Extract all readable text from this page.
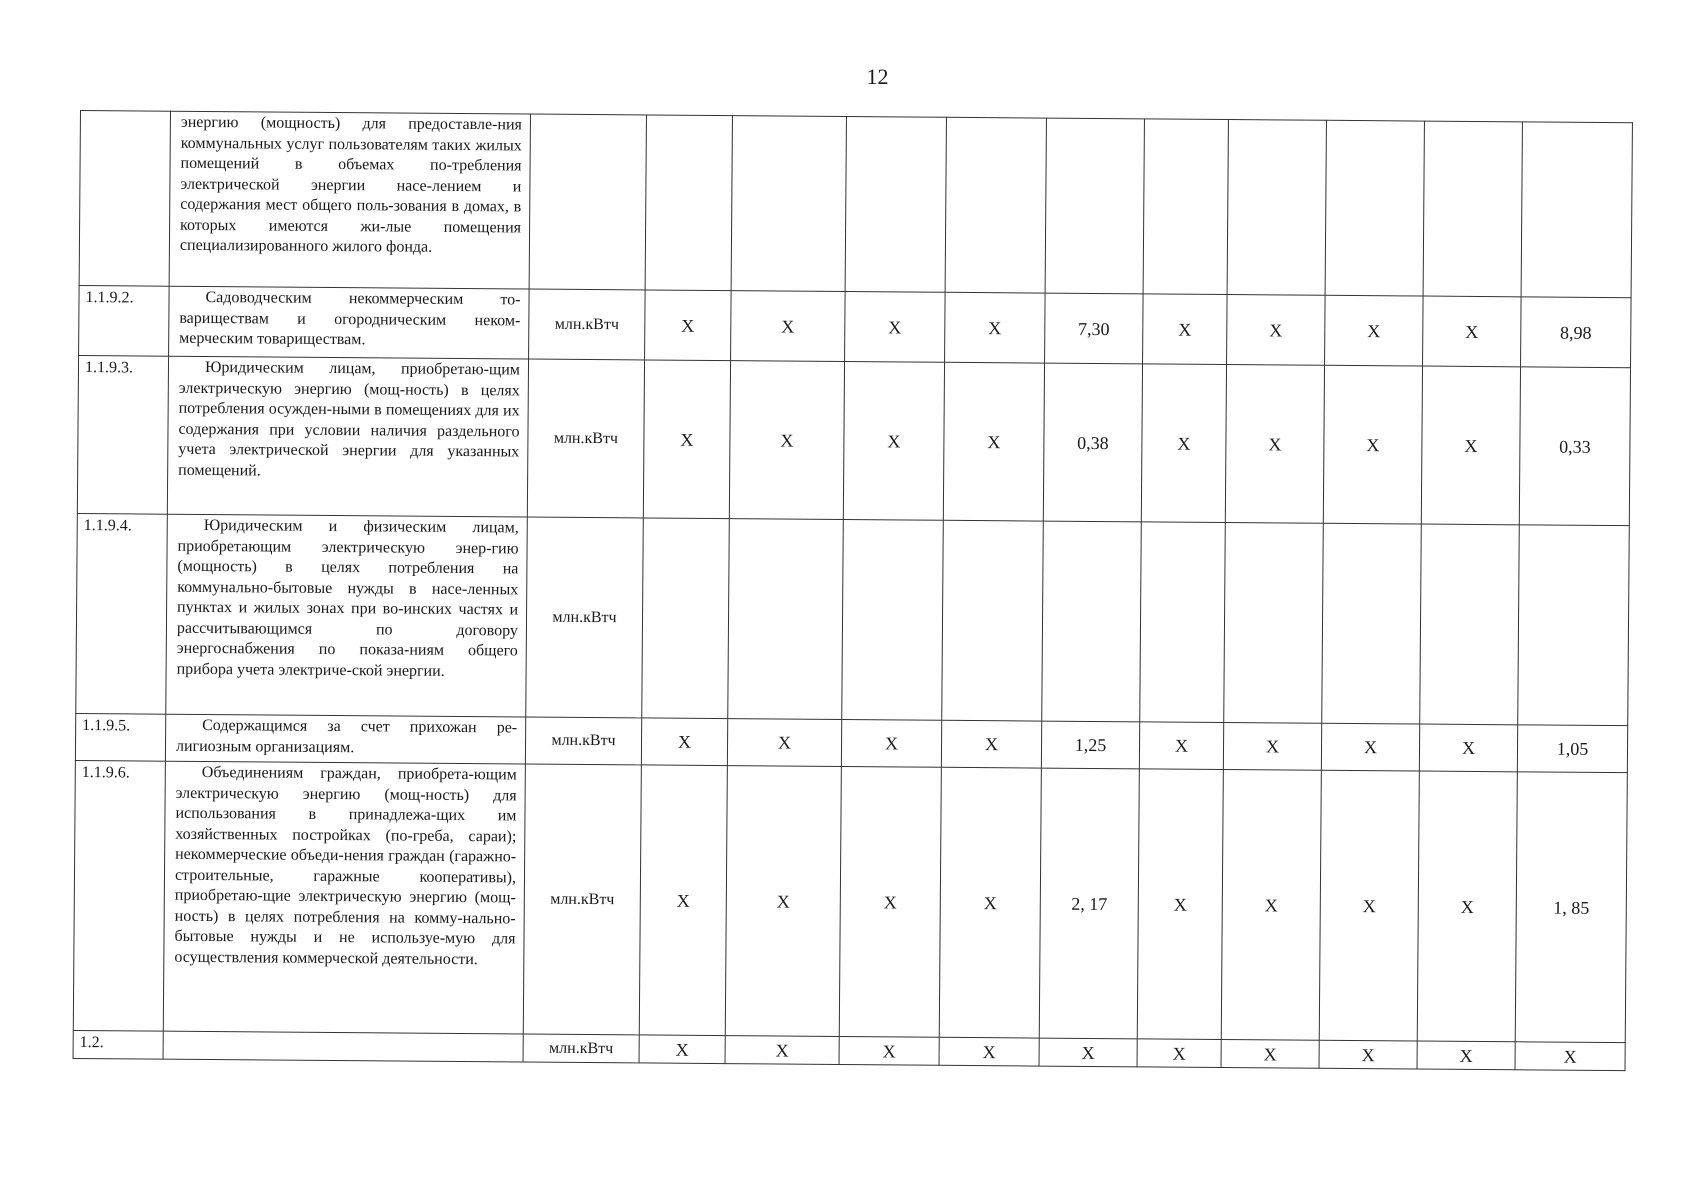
12
	энергию (мощность) для предоставле-ния коммунальных услуг пользователям таких жилых помещений в объемах по-требления электрической энергии насе-лением и содержания мест общего поль-зования в домах, в которых имеются жи-лые помещения специализированного жилого фонда.											
1.1.9.2.	Садоводческим некоммерческим то-вариществам и огородническим неком-мерческим товариществам.	млн.кВтч	X	X	X	X	7,30	X	X	X	X	8,98
1.1.9.3.	Юридическим лицам, приобретаю-щим электрическую энергию (мощ-ность) в целях потребления осужден-ными в помещениях для их содержания при условии наличия раздельного учета электрической энергии для указанных помещений.	млн.кВтч	X	X	X	X	0,38	X	X	X	X	0,33
1.1.9.4.	Юридическим и физическим лицам, приобретающим электрическую энер-гию (мощность) в целях потребления на коммунально-бытовые нужды в насе-ленных пунктах и жилых зонах при во-инских частях и рассчитывающимся по договору энергоснабжения по показа-ниям общего прибора учета электриче-ской энергии.	млн.кВтч										
1.1.9.5.	Содержащимся за счет прихожан ре-лигиозным организациям.	млн.кВтч	X	X	X	X	1,25	X	X	X	X	1,05
1.1.9.6.	Объединениям граждан, приобрета-ющим электрическую энергию (мощ-ность) для использования в принадлежа-щих им хозяйственных постройках (по-греба, сараи); некоммерческие объеди-нения граждан (гаражно-строительные, гаражные кооперативы), приобретаю-щие электрическую энергию (мощ-ность) в целях потребления на комму-нально-бытовые нужды и не используе-мую для осуществления коммерческой деятельности.	млн.кВтч	X	X	X	X	2, 17	X	X	X	X	1, 85
1.2.		млн.кВтч	X	X	X	X	X	X	X	X	X	X
